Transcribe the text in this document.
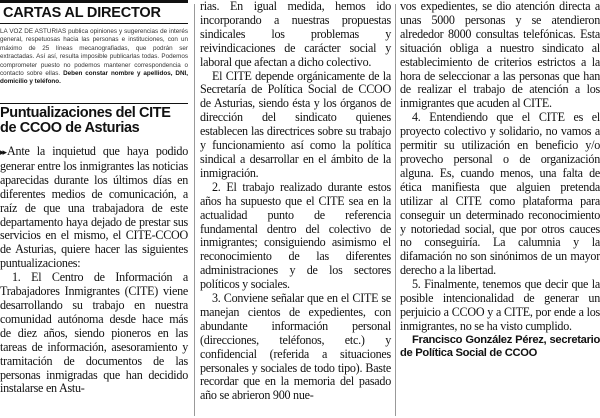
CARTAS AL DIRECTOR
LA VOZ DE ASTURIAS publica opiniones y sugerencias de interés general, respetuosas hacia las personas e instituciones, con un máximo de 25 líneas mecanografiadas, que podrán ser extractadas. Así así, resulta imposible publicarlas todas. Podemos comprometer puesto no podemos mantener correspondencia o contacto sobre ellas. Deben constar nombre y apellidos, DNI, domicilio y teléfono.
Puntualizaciones del CITE de CCOO de Asturias

▸▸ Ante la inquietud que haya podido generar entre los inmigrantes las noticias aparecidas durante los últimos días en diferentes medios de comunicación, a raíz de que una trabajadora de este departamento haya dejado de prestar sus servicios en el mismo, el CITE-CCOO de Asturias, quiere hacer las siguientes puntualizaciones:

1. El Centro de Información a Trabajadores Inmigrantes (CITE) viene desarrollando su trabajo en nuestra comunidad autónoma desde hace más de diez años, siendo pioneros en las tareas de información, asesoramiento y tramitación de documentos de las personas inmigradas que han decidido instalarse en Astu-

rias. En igual medida, hemos ido incorporando a nuestras propuestas sindicales los problemas y reivindicaciones de carácter social y laboral que afectan a dicho colectivo.

El CITE depende orgánicamente de la Secretaría de Política Social de CCOO de Asturias, siendo ésta y los órganos de dirección del sindicato quienes establecen las directrices sobre su trabajo y funcionamiento así como la política sindical a desarrollar en el ámbito de la inmigración.

2. El trabajo realizado durante estos años ha supuesto que el CITE sea en la actualidad punto de referencia fundamental dentro del colectivo de inmigrantes; consiguiendo asimismo el reconocimiento de las diferentes administraciones y de los sectores políticos y sociales.

3. Conviene señalar que en el CITE se manejan cientos de expedientes, con abundante información personal (direcciones, teléfonos, etc.) y confidencial (referida a situaciones personales y sociales de todo tipo). Baste recordar que en la memoria del pasado año se abrieron 900 nue-

vos expedientes, se dio atención directa a unas 5000 personas y se atendieron alrededor 8000 consultas telefónicas. Esta situación obliga a nuestro sindicato al establecimiento de criterios estrictos a la hora de seleccionar a las personas que han de realizar el trabajo de atención a los inmigrantes que acuden al CITE.

4. Entendiendo que el CITE es el proyecto colectivo y solidario, no vamos a permitir su utilización en beneficio y/o provecho personal o de organización alguna. Es, cuando menos, una falta de ética manifiesta que alguien pretenda utilizar al CITE como plataforma para conseguir un determinado reconocimiento y notoriedad social, que por otros cauces no conseguiría. La calumnia y la difamación no son sinónimos de un mayor derecho a la libertad.

5. Finalmente, tenemos que decir que la posible intencionalidad de generar un perjuicio a CCOO y a CITE, por ende a los inmigrantes, no se ha visto cumplido.

Francisco González Pérez, secretario de Política Social de CCOO
